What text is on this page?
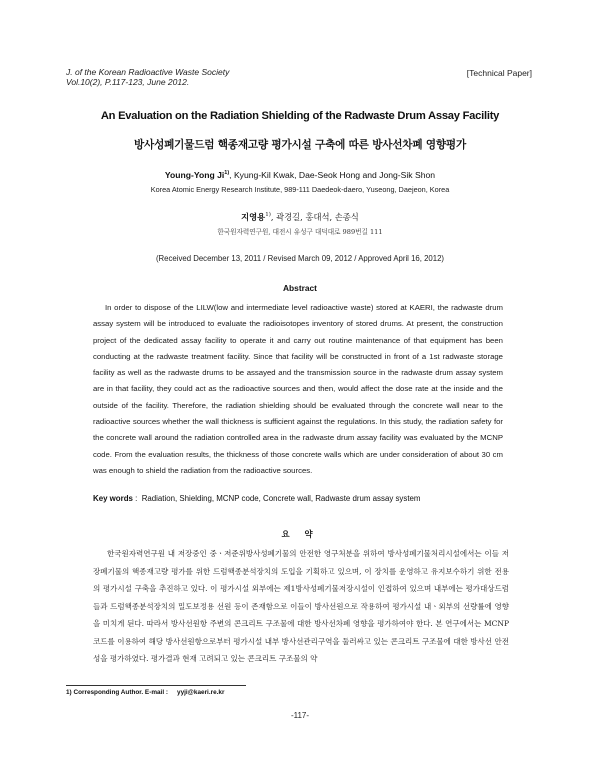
J. of the Korean Radioactive Waste Society
Vol.10(2), P.117-123, June 2012.
[Technical Paper]
An Evaluation on the Radiation Shielding of the Radwaste Drum Assay Facility
방사성폐기물드럼 핵종재고량 평가시설 구축에 따른 방사선차폐 영향평가
Young-Yong Ji$^{1)}$, Kyung-Kil Kwak, Dae-Seok Hong and Jong-Sik Shon
Korea Atomic Energy Research Institute, 989-111 Daedeok-daero, Yuseong, Daejeon, Korea
지영용$^{1)}$, 곽경길, 홍대석, 손종식
한국원자력연구원, 대전시 유성구 대덕대로 989번길 111
(Received December 13, 2011 / Revised March 09, 2012 / Approved April 16, 2012)
Abstract

In order to dispose of the LILW(low and intermediate level radioactive waste) stored at KAERI, the radwaste drum assay system will be introduced to evaluate the radioisotopes inventory of stored drums. At present, the construction project of the dedicated assay facility to operate it and carry out routine maintenance of that equipment has been conducting at the radwaste treatment facility. Since that facility will be constructed in front of a 1st radwaste storage facility as well as the radwaste drums to be assayed and the transmission source in the radwaste drum assay system are in that facility, they could act as the radioactive sources and then, would affect the dose rate at the inside and the outside of the facility. Therefore, the radiation shielding should be evaluated through the concrete wall near to the radioactive sources whether the wall thickness is sufficient against the regulations. In this study, the radiation safety for the concrete wall around the radiation controlled area in the radwaste drum assay facility was evaluated by the MCNP code. From the evaluation results, the thickness of those concrete walls which are under consideration of about 30 cm was enough to shield the radiation from the radioactive sources.

Key words :  Radiation, Shielding, MCNP code, Concrete wall, Radwaste drum assay system
요 약

한국원자력연구원 내 저장중인 중ㆍ저준위방사성폐기물의 안전한 영구처분을 위하여 방사성폐기물처리시설에서는 이들 저장폐기물의 핵종재고량 평가를 위한 드럼핵종분석장치의 도입을 기획하고 있으며, 이 장치를 운영하고 유지보수하기 위한 전용의 평가시설 구축을 추진하고 있다. 이 평가시설 외부에는 제1방사성폐기물저장시설이 인접하여 있으며 내부에는 평가대상드럼들과 드럼핵종분석장치의 밀도보정용 선원 등이 존재함으로 이들이 방사선원으로 작용하여 평가시설 내ㆍ외부의 선량률에 영향을 미치게 된다. 따라서 방사선원항 주변의 콘크리트 구조물에 대한 방사선차폐 영향을 평가하여야 한다. 본 연구에서는 MCNP 코드를 이용하여 해당 방사선원항으로부터 평가시설 내부 방사선관리구역을 둘러싸고 있는 콘크리트 구조물에 대한 방사선 안전성을 평가하였다. 평가결과 현재 고려되고 있는 콘크리트 구조물의 약

1) Corresponding Author. E-mail : yyji@kaeri.re.kr
-117-
